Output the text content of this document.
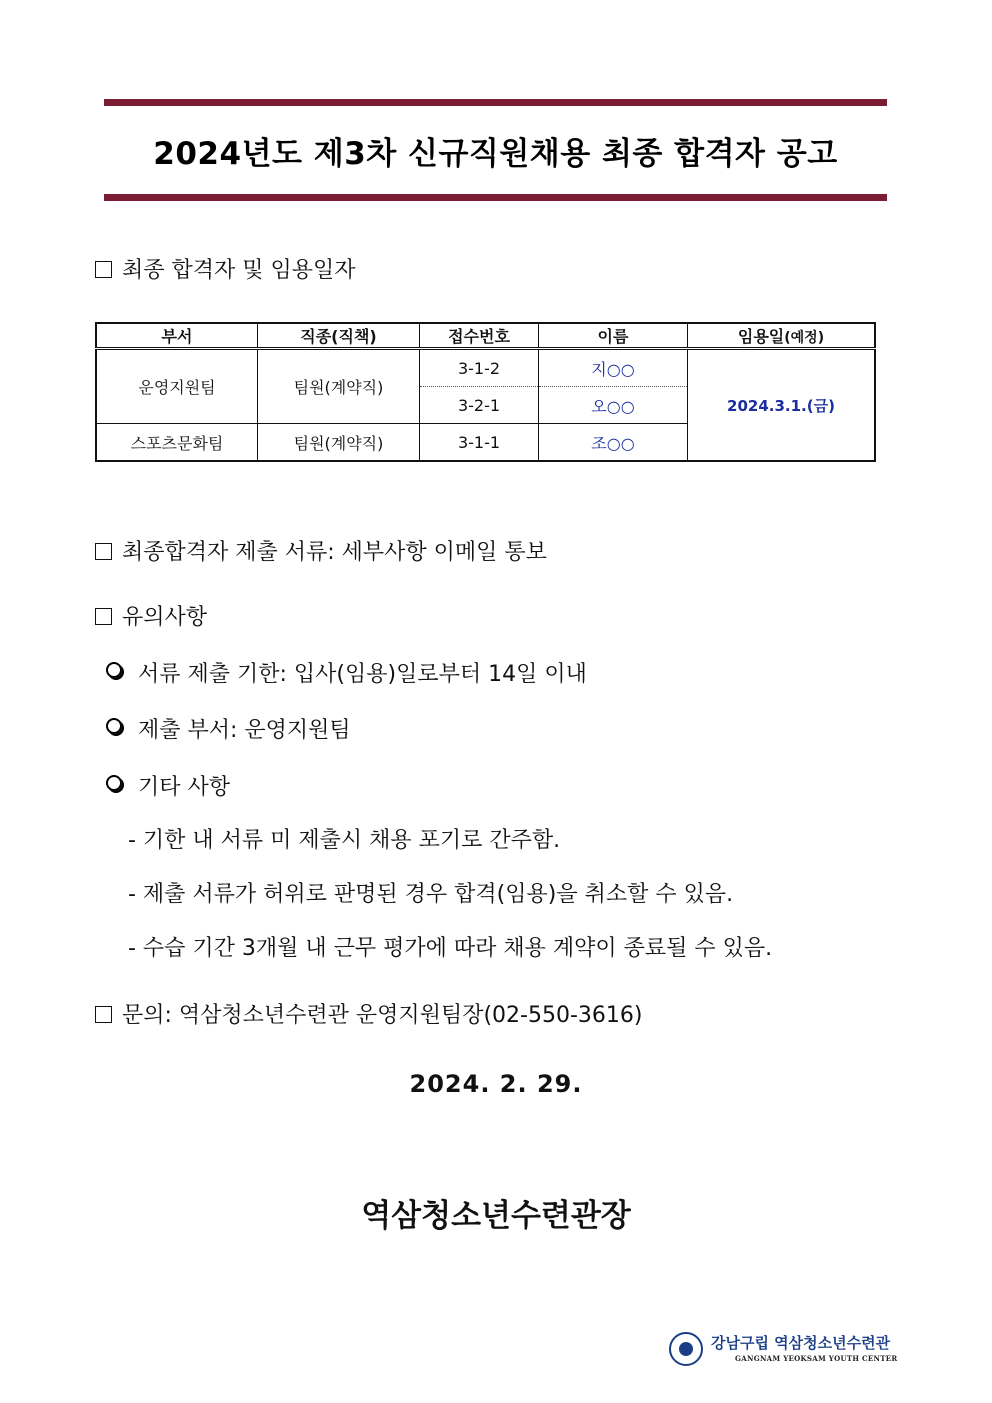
2024년도 제3차 신규직원채용 최종 합격자 공고
최종 합격자 및 임용일자
부서	직종(직책)	접수번호	이름	임용일(예정)
운영지원팀	팀원(계약직)	3-1-2	지○○	2024.3.1.(금)
		3-2-1	오○○	
스포츠문화팀	팀원(계약직)	3-1-1	조○○	
최종합격자 제출 서류: 세부사항 이메일 통보
유의사항
서류 제출 기한: 입사(임용)일로부터 14일 이내
제출 부서: 운영지원팀
기타 사항
- 기한 내 서류 미 제출시 채용 포기로 간주함.
- 제출 서류가 허위로 판명된 경우 합격(임용)을 취소할 수 있음.
- 수습 기간 3개월 내 근무 평가에 따라 채용 계약이 종료될 수 있음.
문의: 역삼청소년수련관 운영지원팀장(02-550-3616)
2024. 2. 29.
역삼청소년수련관장
강남구립 역삼청소년수련관
GANGNAM YEOKSAM YOUTH CENTER
